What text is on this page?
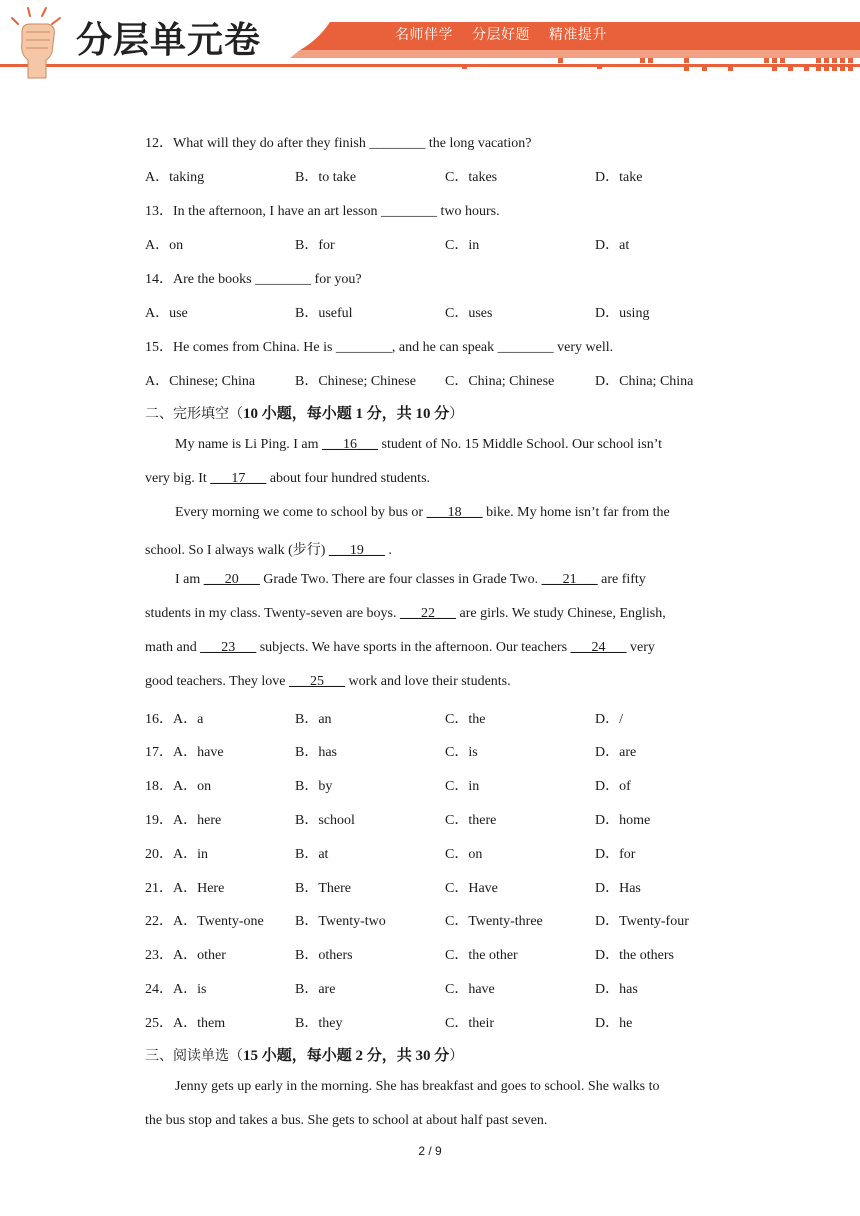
分层单元卷	名师伴学 分层好题 精准提升
12．What will they do after they finish ________ the long vacation?
A．taking	B．to take	C．takes	D．take
13．In the afternoon, I have an art lesson ________ two hours.
A．on	B．for	C．in	D．at
14．Are the books ________ for you?
A．use	B．useful	C．uses	D．using
15．He comes from China. He is ________, and he can speak ________ very well.
A．Chinese; China	B．Chinese; Chinese C．China; Chinese	D．China; China
二、完形填空（10 小题，每小题 1 分，共 10 分）
My name is Li Ping. I am ___16___ student of No. 15 Middle School. Our school isn’t
very big. It ___17___ about four hundred students.
Every morning we come to school by bus or ___18___ bike. My home isn’t far from the
school. So I always walk (步行) ___19___ .
I am ___20___ Grade Two. There are four classes in Grade Two. ___21___ are fifty
students in my class. Twenty-seven are boys. ___22___ are girls. We study Chinese, English,
math and ___23___ subjects. We have sports in the afternoon. Our teachers ___24___ very
good teachers. They love ___25___ work and love their students.
16．A．a	B．an	C．the	D．/
17．A．have	B．has	C．is	D．are
18．A．on	B．by	C．in	D．of
19．A．here	B．school	C．there	D．home
20．A．in	B．at	C．on	D．for
21．A．Here	B．There	C．Have	D．Has
22．A．Twenty-one B．Twenty-two	C．Twenty-three	D．Twenty-four
23．A．other	B．others	C．the other	D．the others
24．A．is	B．are	C．have	D．has
25．A．them	B．they	C．their	D．he
三、阅读单选（15 小题，每小题 2 分，共 30 分）
Jenny gets up early in the morning. She has breakfast and goes to school. She walks to
the bus stop and takes a bus. She gets to school at about half past seven.
2 / 9
